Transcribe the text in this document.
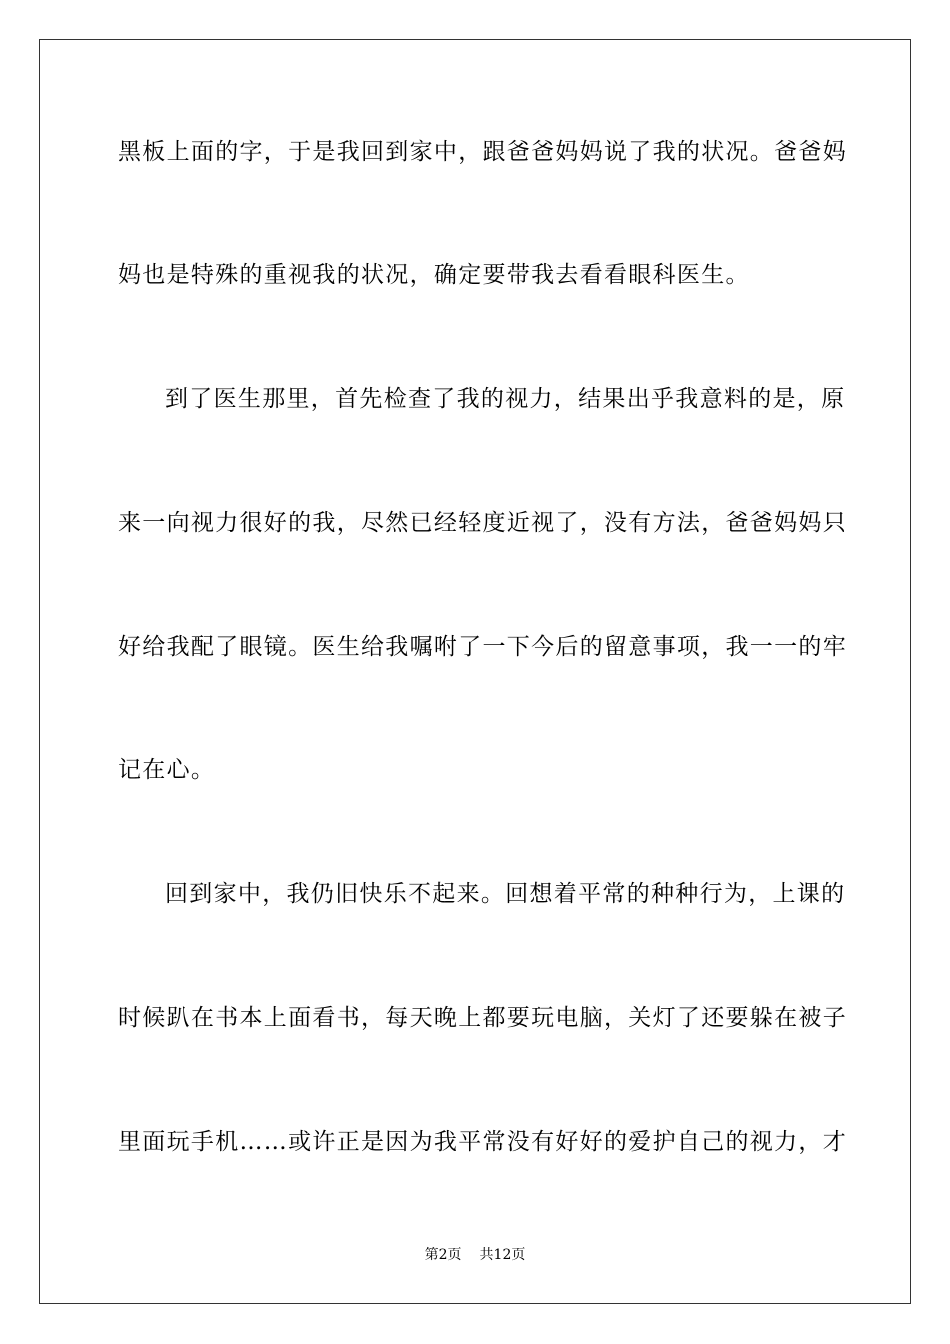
黑板上面的字，于是我回到家中，跟爸爸妈妈说了我的状况。爸爸妈
妈也是特殊的重视我的状况，确定要带我去看看眼科医生。
到了医生那里，首先检查了我的视力，结果出乎我意料的是，原
来一向视力很好的我，尽然已经轻度近视了，没有方法，爸爸妈妈只
好给我配了眼镜。医生给我嘱咐了一下今后的留意事项，我一一的牢
记在心。
回到家中，我仍旧快乐不起来。回想着平常的种种行为，上课的
时候趴在书本上面看书，每天晚上都要玩电脑，关灯了还要躲在被子
里面玩手机……或许正是因为我平常没有好好的爱护自己的视力，才
第2页 共12页
